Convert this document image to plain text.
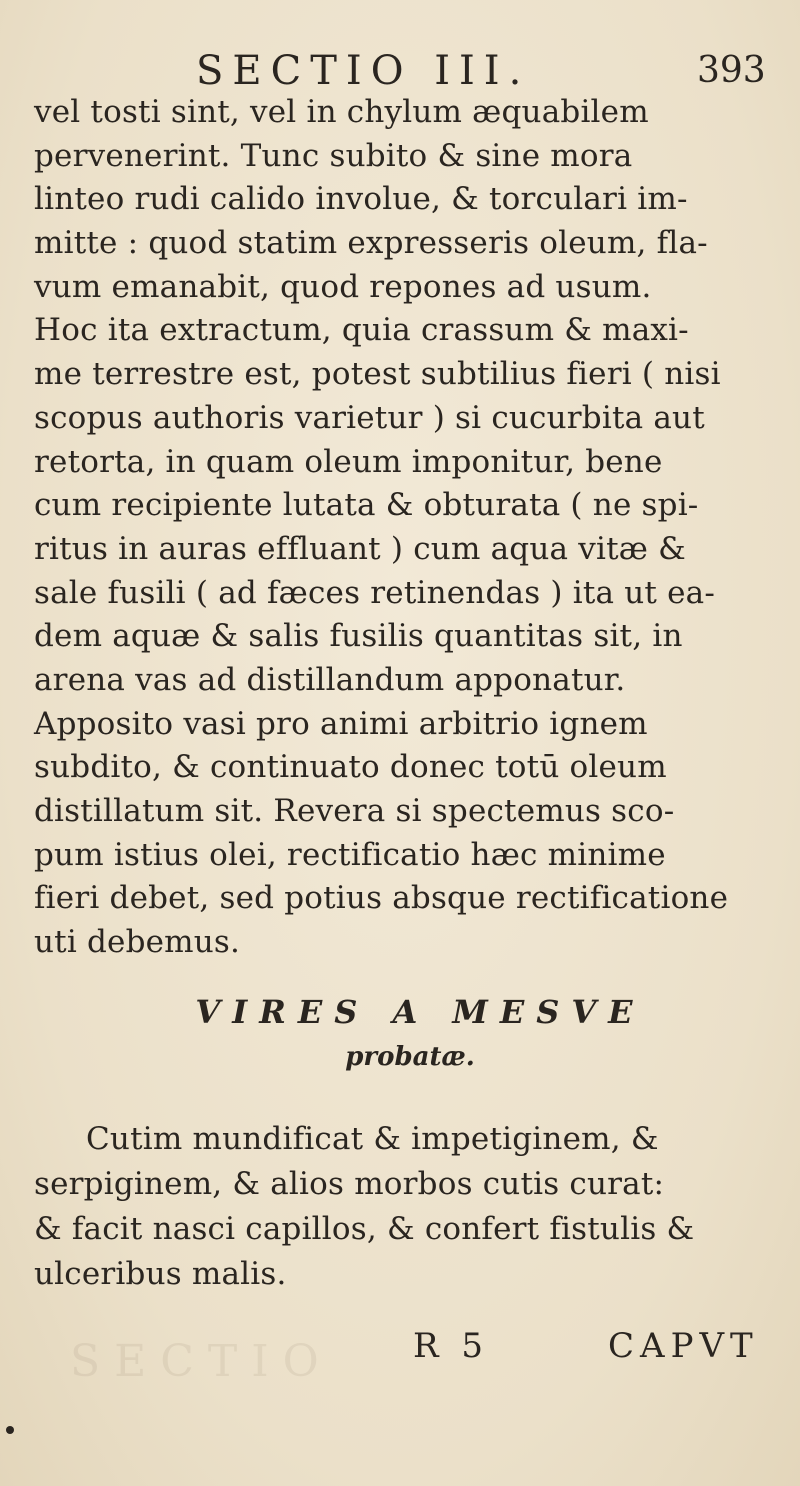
SECTIO III.	393
vel tosti sint, vel in chylum æquabilem
pervenerint. Tunc subito & sine mora
linteo rudi calido involue, & torculari im-
mitte : quod statim expresseris oleum, fla-
vum emanabit, quod repones ad usum.
Hoc ita extractum, quia crassum & maxi-
me terrestre est, potest subtilius fieri ( nisi
scopus authoris varietur ) si cucurbita aut
retorta, in quam oleum imponitur, bene
cum recipiente lutata & obturata ( ne spi-
ritus in auras effluant ) cum aqua vitæ &
sale fusili ( ad fæces retinendas ) ita ut ea-
dem aquæ & salis fusilis quantitas sit, in
arena vas ad distillandum apponatur.
Apposito vasi pro animi arbitrio ignem
subdito, & continuato donec totū oleum
distillatum sit. Revera si spectemus sco-
pum istius olei, rectificatio hæc minime
fieri debet, sed potius absque rectificatione
uti debemus.
VIRES A MESVE
probatæ.
Cutim mundificat & impetiginem, &
serpiginem, & alios morbos cutis curat:
& facit nasci capillos, & confert fistulis &
ulceribus malis.
SECTIO R 5	CAPVT
